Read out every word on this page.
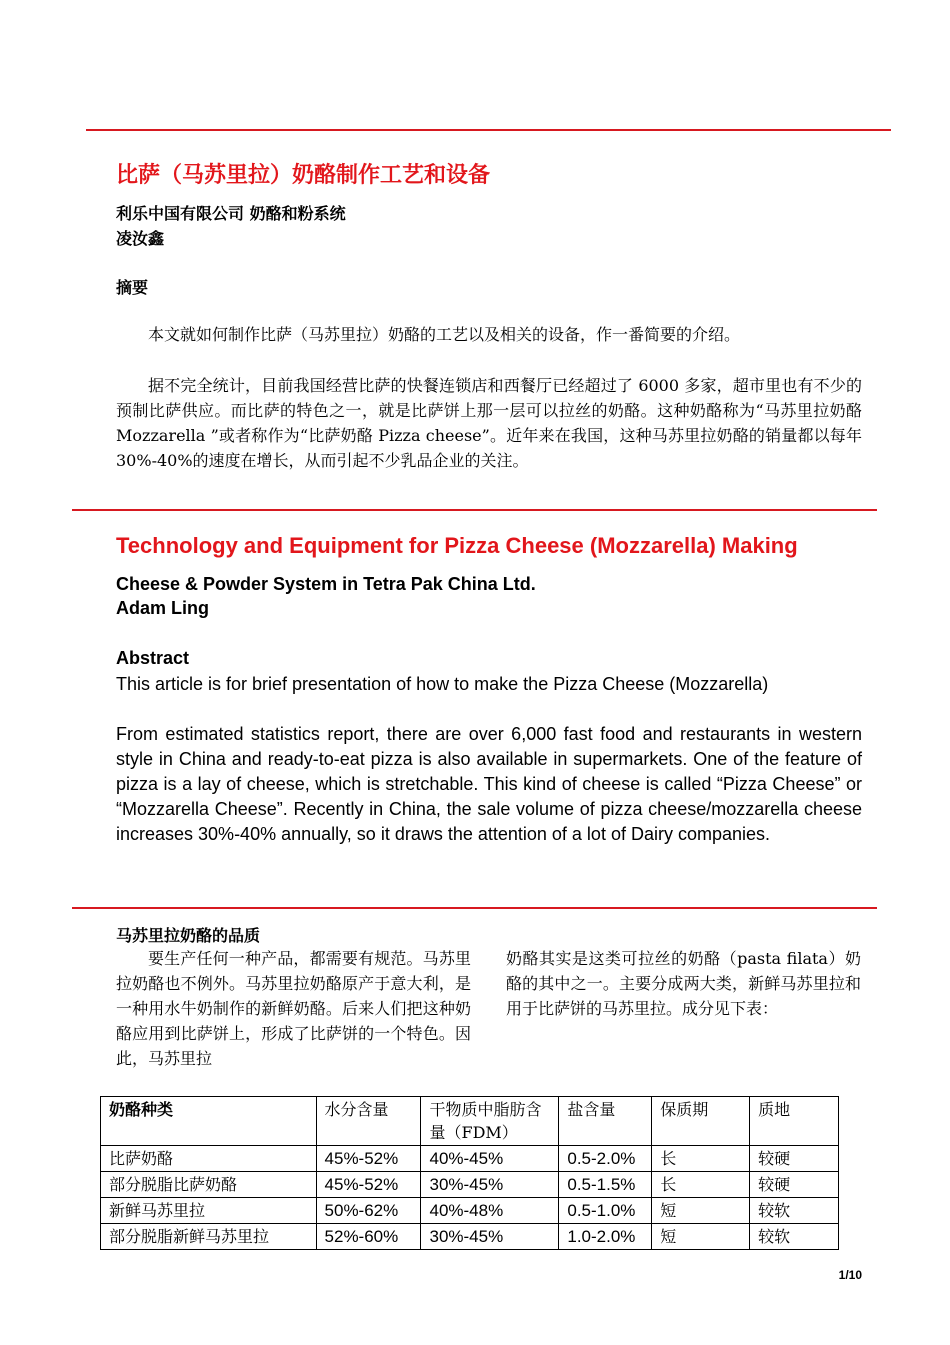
比萨（马苏里拉）奶酪制作工艺和设备
利乐中国有限公司 奶酪和粉系统
凌汝鑫
摘要
本文就如何制作比萨（马苏里拉）奶酪的工艺以及相关的设备，作一番简要的介绍。
据不完全统计，目前我国经营比萨的快餐连锁店和西餐厅已经超过了 6000 多家，超市里也有不少的预制比萨供应。而比萨的特色之一，就是比萨饼上那一层可以拉丝的奶酪。这种奶酪称为“马苏里拉奶酪 Mozzarella ”或者称作为“比萨奶酪 Pizza cheese”。近年来在我国，这种马苏里拉奶酪的销量都以每年 30%-40%的速度在增长，从而引起不少乳品企业的关注。
Technology and Equipment for Pizza Cheese (Mozzarella) Making
Cheese & Powder System in Tetra Pak China Ltd.
Adam Ling
Abstract
This article is for brief presentation of how to make the Pizza Cheese (Mozzarella)
From estimated statistics report, there are over 6,000 fast food and restaurants in western style in China and ready-to-eat pizza is also available in supermarkets. One of the feature of pizza is a lay of cheese, which is stretchable. This kind of cheese is called “Pizza Cheese” or “Mozzarella Cheese”. Recently in China, the sale volume of pizza cheese/mozzarella cheese increases 30%-40% annually, so it draws the attention of a lot of Dairy companies.
马苏里拉奶酪的品质
要生产任何一种产品，都需要有规范。马苏里拉奶酪也不例外。马苏里拉奶酪原产于意大利，是一种用水牛奶制作的新鲜奶酪。后来人们把这种奶酪应用到比萨饼上，形成了比萨饼的一个特色。因此，马苏里拉
奶酪其实是这类可拉丝的奶酪（pasta filata）奶酪的其中之一。主要分成两大类，新鲜马苏里拉和用于比萨饼的马苏里拉。成分见下表：
奶酪种类	水分含量	干物质中脂肪含量（FDM）	盐含量	保质期	质地
比萨奶酪	45%-52%	40%-45%	0.5-2.0%	长	较硬
部分脱脂比萨奶酪	45%-52%	30%-45%	0.5-1.5%	长	较硬
新鲜马苏里拉	50%-62%	40%-48%	0.5-1.0%	短	较软
部分脱脂新鲜马苏里拉	52%-60%	30%-45%	1.0-2.0%	短	较软
1/10
